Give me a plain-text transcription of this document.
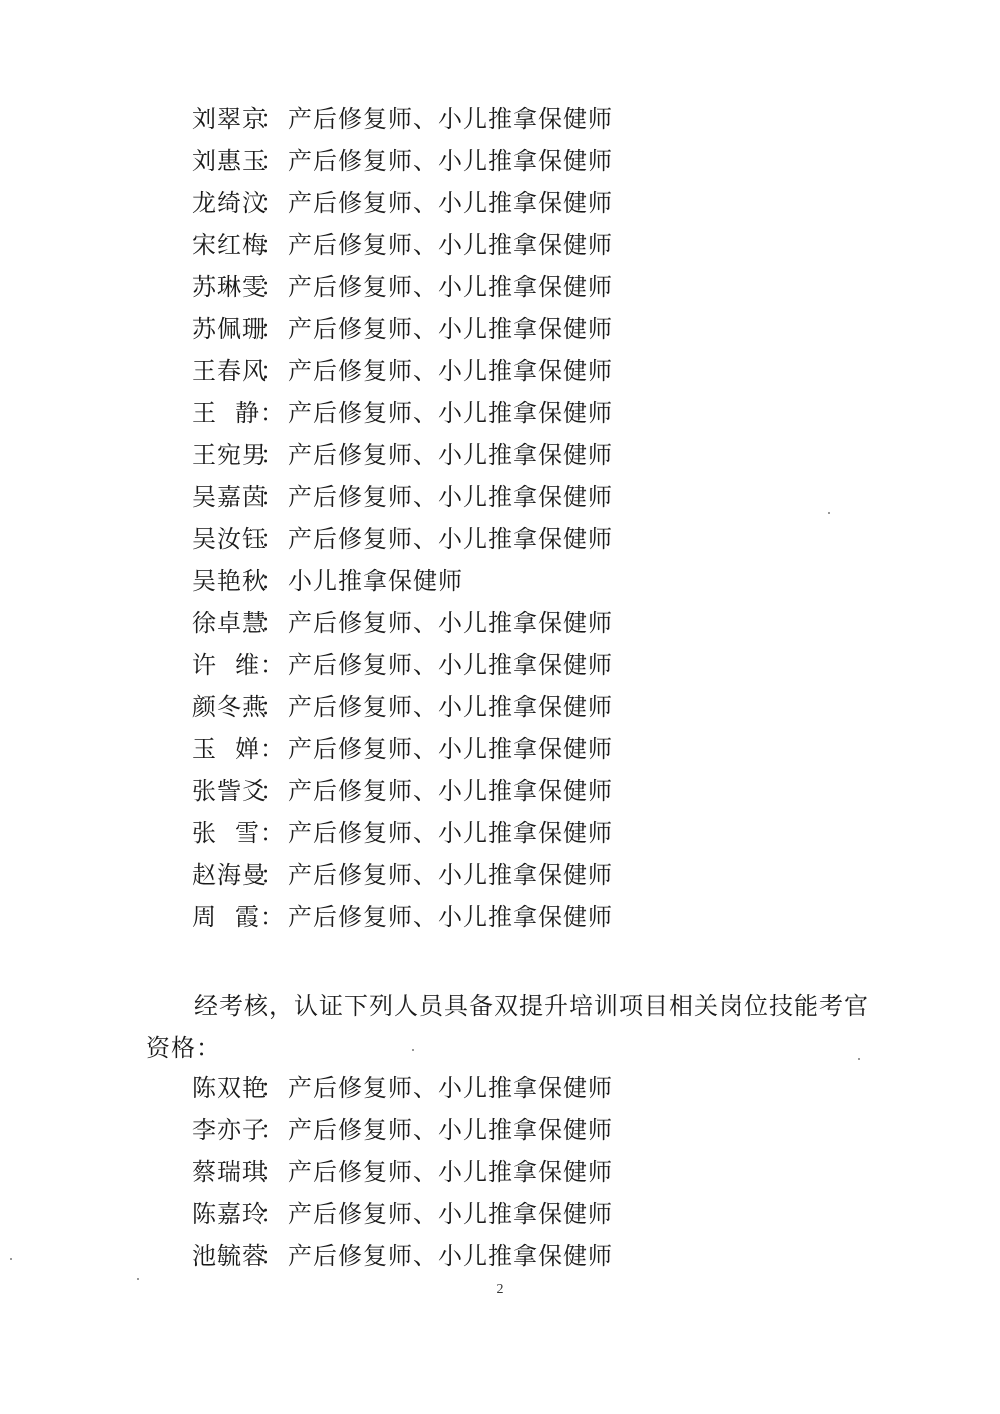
刘翠京： 产后修复师、小儿推拿保健师
刘惠玉： 产后修复师、小儿推拿保健师
龙绮汶： 产后修复师、小儿推拿保健师
宋红梅： 产后修复师、小儿推拿保健师
苏琳雯： 产后修复师、小儿推拿保健师
苏佩珊： 产后修复师、小儿推拿保健师
王春风： 产后修复师、小儿推拿保健师
王静： 产后修复师、小儿推拿保健师
王宛男： 产后修复师、小儿推拿保健师
吴嘉茵： 产后修复师、小儿推拿保健师
吴汝钰： 产后修复师、小儿推拿保健师
吴艳秋： 小儿推拿保健师
徐卓慧： 产后修复师、小儿推拿保健师
许维： 产后修复师、小儿推拿保健师
颜冬燕： 产后修复师、小儿推拿保健师
玉婵： 产后修复师、小儿推拿保健师
张訾爻： 产后修复师、小儿推拿保健师
张雪： 产后修复师、小儿推拿保健师
赵海曼： 产后修复师、小儿推拿保健师
周霞： 产后修复师、小儿推拿保健师
经考核，认证下列人员具备双提升培训项目相关岗位技能考官资格：
陈双艳： 产后修复师、小儿推拿保健师
李亦子： 产后修复师、小儿推拿保健师
蔡瑞琪： 产后修复师、小儿推拿保健师
陈嘉玲： 产后修复师、小儿推拿保健师
池毓蓉： 产后修复师、小儿推拿保健师
2
